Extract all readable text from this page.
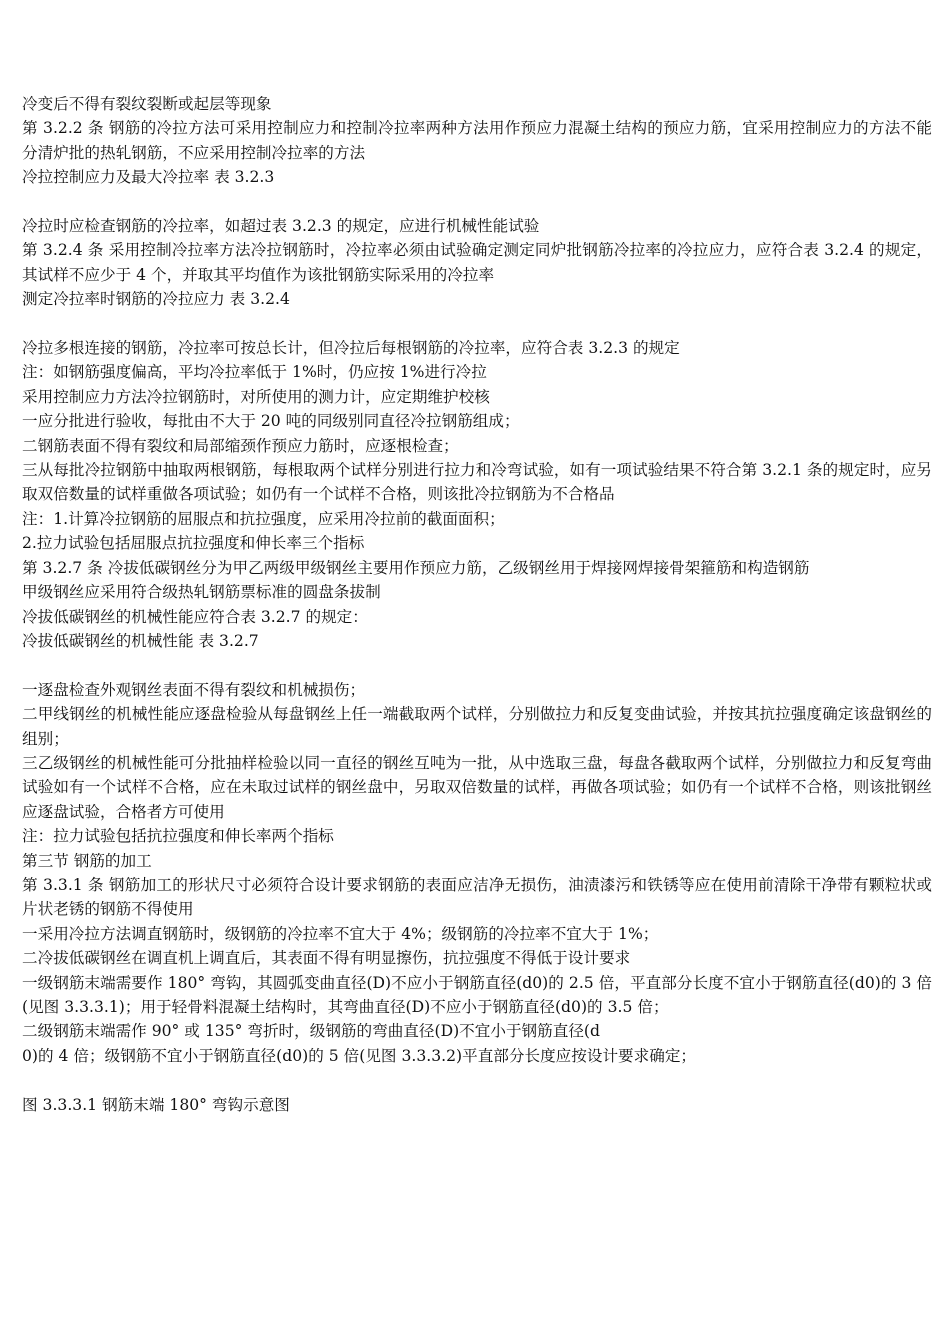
冷变后不得有裂纹裂断或起层等现象

第 3.2.2 条 钢筋的冷拉方法可采用控制应力和控制冷拉率两种方法用作预应力混凝土结构的预应力筋，宜采用控制应力的方法不能分清炉批的热轧钢筋，不应采用控制冷拉率的方法

冷拉控制应力及最大冷拉率 表 3.2.3

冷拉时应检查钢筋的冷拉率，如超过表 3.2.3 的规定，应进行机械性能试验

第 3.2.4 条 采用控制冷拉率方法冷拉钢筋时，冷拉率必须由试验确定测定同炉批钢筋冷拉率的冷拉应力，应符合表 3.2.4 的规定，其试样不应少于 4 个，并取其平均值作为该批钢筋实际采用的冷拉率

测定冷拉率时钢筋的冷拉应力 表 3.2.4

冷拉多根连接的钢筋，冷拉率可按总长计，但冷拉后每根钢筋的冷拉率，应符合表 3.2.3 的规定

注：如钢筋强度偏高，平均冷拉率低于 1%时，仍应按 1%进行冷拉

采用控制应力方法冷拉钢筋时，对所使用的测力计，应定期维护校核

一应分批进行验收，每批由不大于 20 吨的同级别同直径冷拉钢筋组成；

二钢筋表面不得有裂纹和局部缩颈作预应力筋时，应逐根检查；

三从每批冷拉钢筋中抽取两根钢筋，每根取两个试样分别进行拉力和冷弯试验，如有一项试验结果不符合第 3.2.1 条的规定时，应另取双倍数量的试样重做各项试验；如仍有一个试样不合格，则该批冷拉钢筋为不合格品

注：1.计算冷拉钢筋的屈服点和抗拉强度，应采用冷拉前的截面面积；

2.拉力试验包括屈服点抗拉强度和伸长率三个指标

第 3.2.7 条 冷拔低碳钢丝分为甲乙两级甲级钢丝主要用作预应力筋，乙级钢丝用于焊接网焊接骨架箍筋和构造钢筋

甲级钢丝应采用符合级热轧钢筋票标准的圆盘条拔制

冷拔低碳钢丝的机械性能应符合表 3.2.7 的规定：

冷拔低碳钢丝的机械性能 表 3.2.7

一逐盘检查外观钢丝表面不得有裂纹和机械损伤；

二甲线钢丝的机械性能应逐盘检验从每盘钢丝上任一端截取两个试样，分别做拉力和反复变曲试验，并按其抗拉强度确定该盘钢丝的组别；

三乙级钢丝的机械性能可分批抽样检验以同一直径的钢丝互吨为一批，从中选取三盘，每盘各截取两个试样，分别做拉力和反复弯曲试验如有一个试样不合格，应在未取过试样的钢丝盘中，另取双倍数量的试样，再做各项试验；如仍有一个试样不合格，则该批钢丝应逐盘试验，合格者方可使用

注：拉力试验包括抗拉强度和伸长率两个指标

第三节 钢筋的加工

第 3.3.1 条 钢筋加工的形状尺寸必须符合设计要求钢筋的表面应洁净无损伤，油渍漆污和铁锈等应在使用前清除干净带有颗粒状或片状老锈的钢筋不得使用

一采用冷拉方法调直钢筋时，级钢筋的冷拉率不宜大于 4%；级钢筋的冷拉率不宜大于 1%；

二冷拔低碳钢丝在调直机上调直后，其表面不得有明显擦伤，抗拉强度不得低于设计要求

一级钢筋末端需要作 180° 弯钩，其圆弧变曲直径(D)不应小于钢筋直径(d0)的 2.5 倍，平直部分长度不宜小于钢筋直径(d0)的 3 倍(见图 3.3.3.1)；用于轻骨料混凝土结构时，其弯曲直径(D)不应小于钢筋直径(d0)的 3.5 倍；

二级钢筋末端需作 90° 或 135° 弯折时，级钢筋的弯曲直径(D)不宜小于钢筋直径(d

0)的 4 倍；级钢筋不宜小于钢筋直径(d0)的 5 倍(见图 3.3.3.2)平直部分长度应按设计要求确定；

图 3.3.3.1 钢筋末端 180° 弯钩示意图
